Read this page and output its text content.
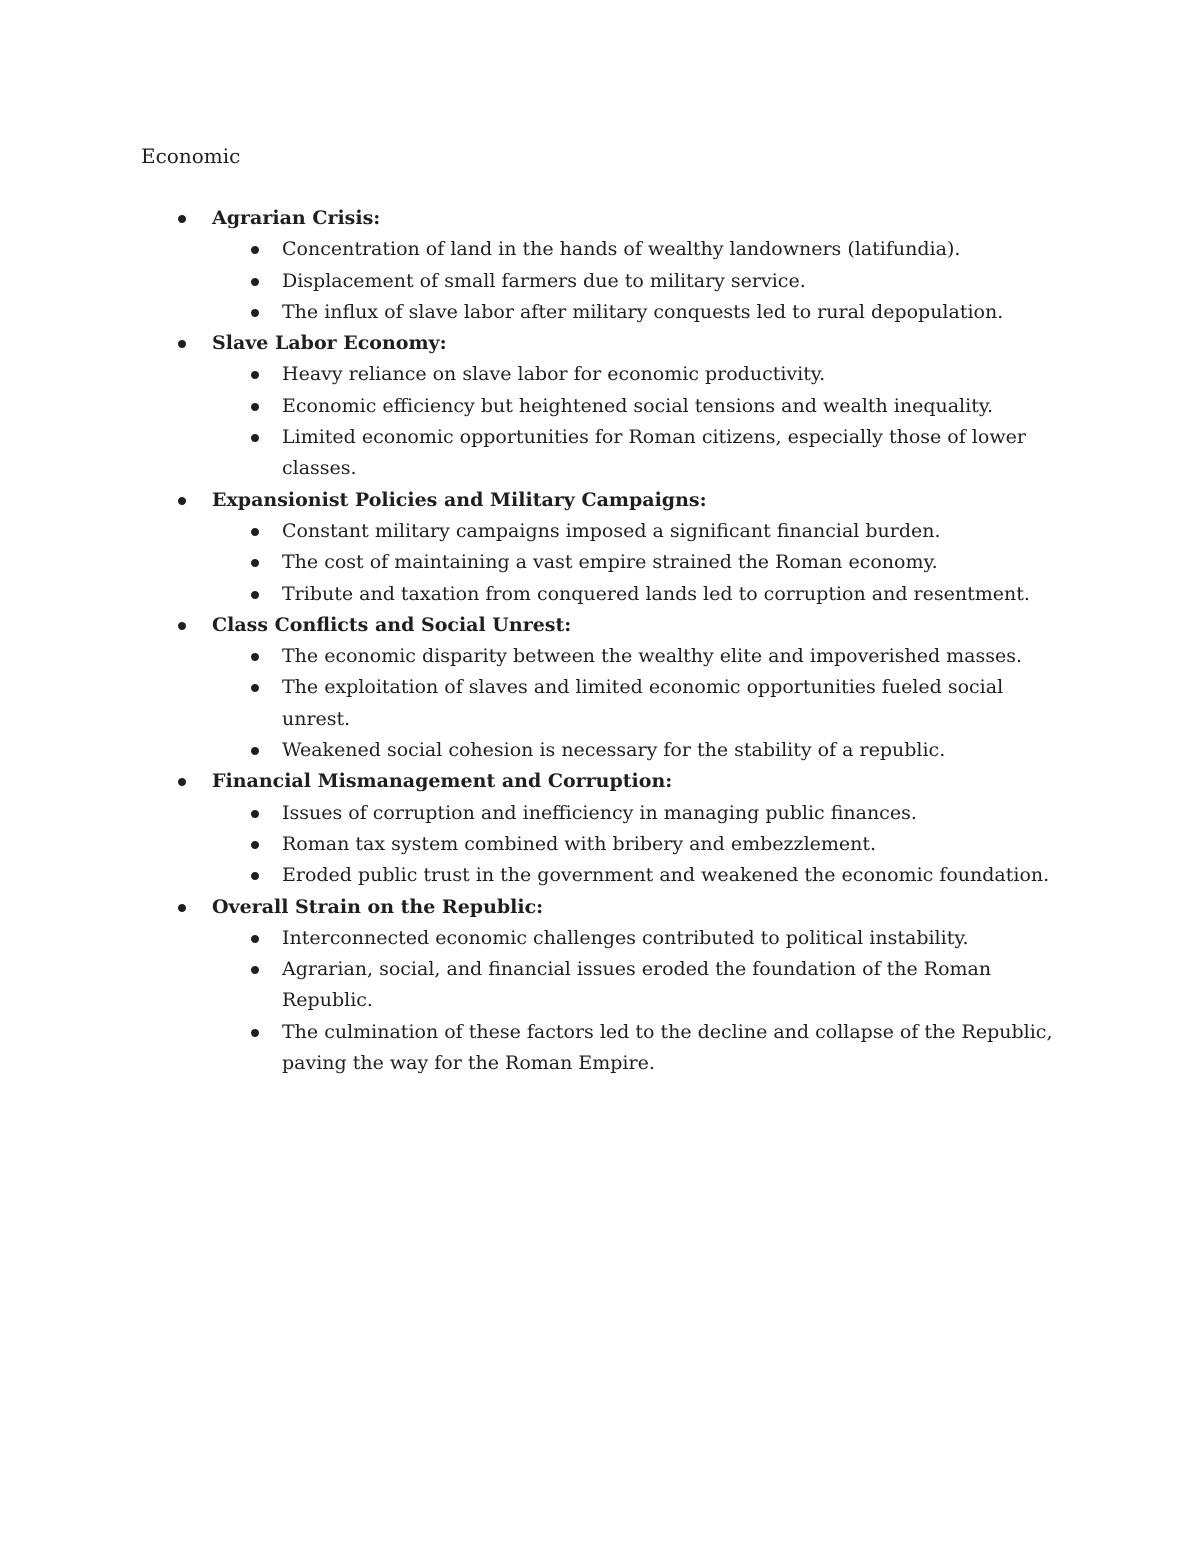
Economic
Agrarian Crisis:
Concentration of land in the hands of wealthy landowners (latifundia).
Displacement of small farmers due to military service.
The influx of slave labor after military conquests led to rural depopulation.
Slave Labor Economy:
Heavy reliance on slave labor for economic productivity.
Economic efficiency but heightened social tensions and wealth inequality.
Limited economic opportunities for Roman citizens, especially those of lower classes.
Expansionist Policies and Military Campaigns:
Constant military campaigns imposed a significant financial burden.
The cost of maintaining a vast empire strained the Roman economy.
Tribute and taxation from conquered lands led to corruption and resentment.
Class Conflicts and Social Unrest:
The economic disparity between the wealthy elite and impoverished masses.
The exploitation of slaves and limited economic opportunities fueled social unrest.
Weakened social cohesion is necessary for the stability of a republic.
Financial Mismanagement and Corruption:
Issues of corruption and inefficiency in managing public finances.
Roman tax system combined with bribery and embezzlement.
Eroded public trust in the government and weakened the economic foundation.
Overall Strain on the Republic:
Interconnected economic challenges contributed to political instability.
Agrarian, social, and financial issues eroded the foundation of the Roman Republic.
The culmination of these factors led to the decline and collapse of the Republic, paving the way for the Roman Empire.
